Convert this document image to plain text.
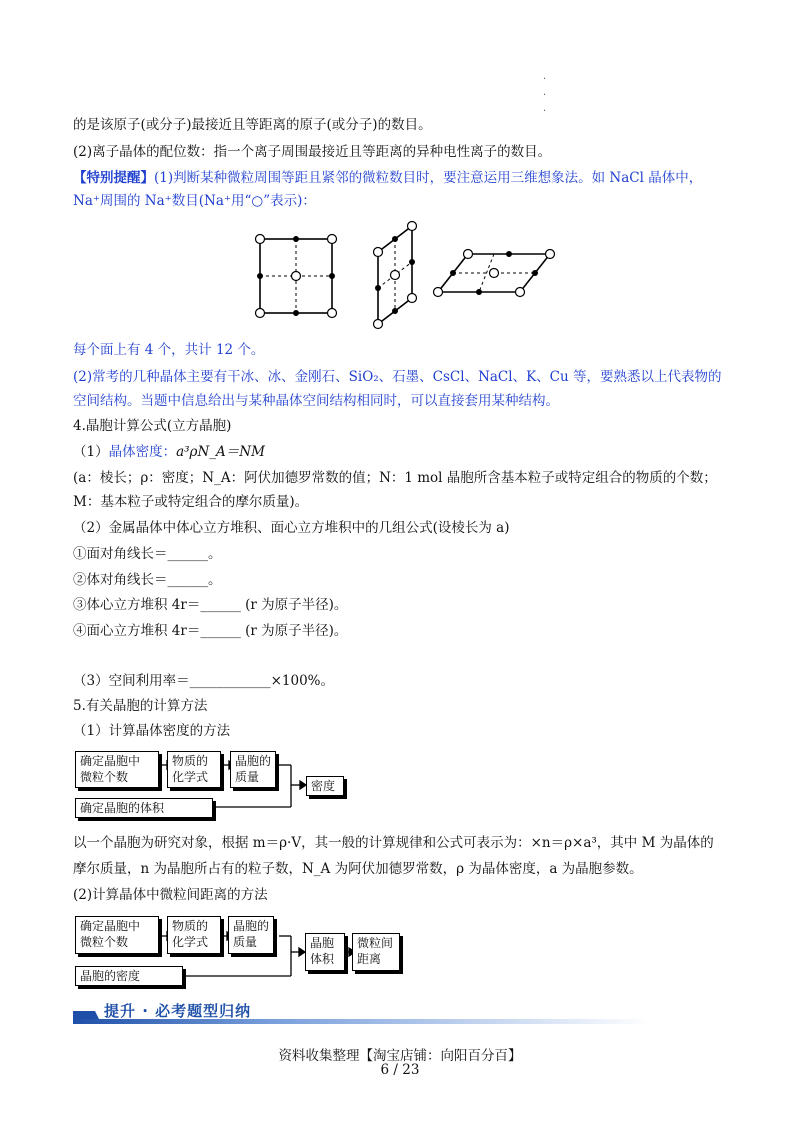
·
·
·
的是该原子(或分子)最接近且等距离的原子(或分子)的数目。
(2)离子晶体的配位数：指一个离子周围最接近且等距离的异种电性离子的数目。
【特别提醒】(1)判断某种微粒周围等距且紧邻的微粒数目时，要注意运用三维想象法。如 NaCl 晶体中，
Na⁺周围的 Na⁺数目(Na⁺用“○”表示)：
每个面上有 4 个，共计 12 个。
(2)常考的几种晶体主要有干冰、冰、金刚石、SiO₂、石墨、CsCl、NaCl、K、Cu 等，要熟悉以上代表物的
空间结构。当题中信息给出与某种晶体空间结构相同时，可以直接套用某种结构。
4.晶胞计算公式(立方晶胞)
（1）晶体密度：a³ρN_A＝NM
(a：棱长；ρ：密度；N_A：阿伏加德罗常数的值；N：1 mol 晶胞所含基本粒子或特定组合的物质的个数；
M：基本粒子或特定组合的摩尔质量)。
（2）金属晶体中体心立方堆积、面心立方堆积中的几组公式(设棱长为 a)
①面对角线长＝______。
②体对角线长＝______。
③体心立方堆积 4r＝______ (r 为原子半径)。
④面心立方堆积 4r＝______ (r 为原子半径)。
（3）空间利用率＝____________×100%。
5.有关晶胞的计算方法
（1）计算晶体密度的方法
确定晶胞中
微粒个数
物质的
化学式
晶胞的
质量
密度
确定晶胞的体积
以一个晶胞为研究对象，根据 m＝ρ·V，其一般的计算规律和公式可表示为：×n＝ρ×a³，其中 M 为晶体的
摩尔质量，n 为晶胞所占有的粒子数，N_A 为阿伏加德罗常数，ρ 为晶体密度，a 为晶胞参数。
(2)计算晶体中微粒间距离的方法
确定晶胞中
微粒个数
物质的
化学式
晶胞的
质量	晶胞
体积
微粒间
距离
晶胞的密度
提升 · 必考题型归纳
资料收集整理【淘宝店铺：向阳百分百】
6 / 23
